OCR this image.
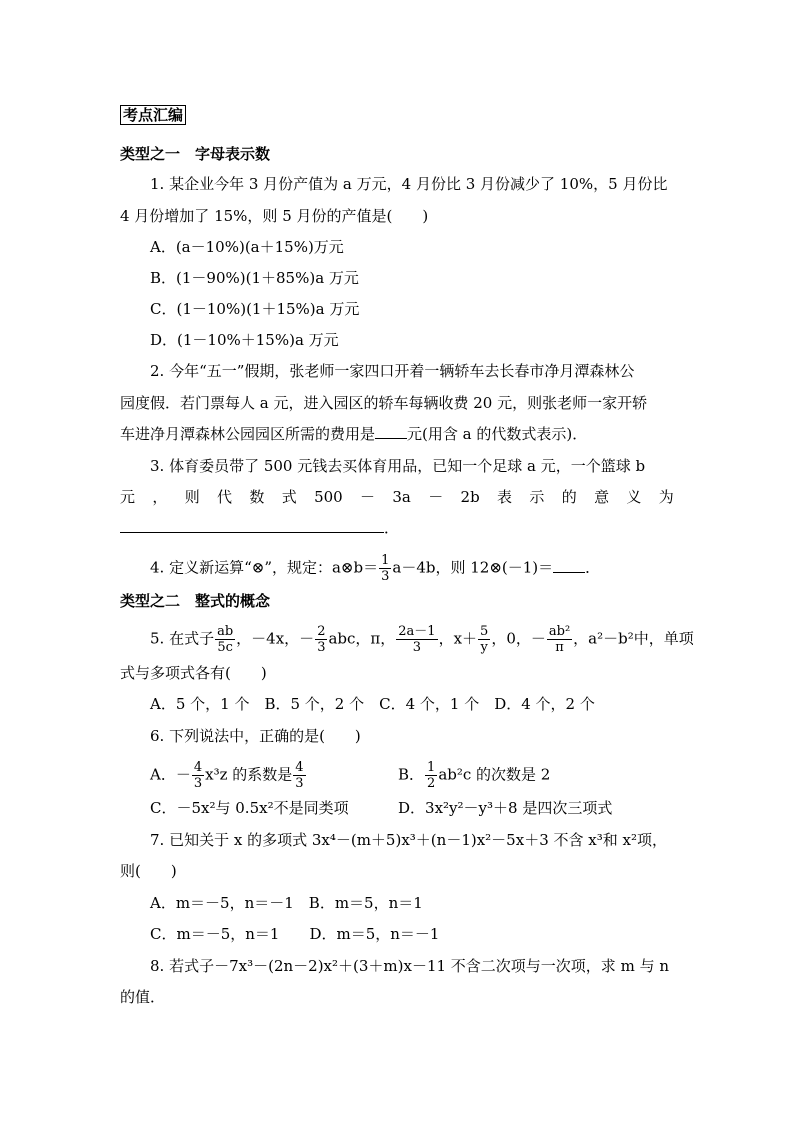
考点汇编
类型之一　字母表示数
1. 某企业今年 3 月份产值为 a 万元，4 月份比 3 月份减少了 10%，5 月份比
4 月份增加了 15%，则 5 月份的产值是(　　)
A．(a－10%)(a＋15%)万元
B．(1－90%)(1＋85%)a 万元
C．(1－10%)(1＋15%)a 万元
D．(1－10%＋15%)a 万元
2. 今年“五一”假期，张老师一家四口开着一辆轿车去长春市净月潭森林公
园度假．若门票每人 a 元，进入园区的轿车每辆收费 20 元，则张老师一家开轿
车进净月潭森林公园园区所需的费用是 元(用含 a 的代数式表示)．
3. 体育委员带了 500 元钱去买体育用品，已知一个足球 a 元，一个篮球 b
元 ， 则 代 数 式 500 － 3a － 2b 表 示 的 意 义 为
．
4. 定义新运算“⊗”，规定：a⊗b＝ $\frac{1}{3} a-4b$，则 12⊗(－1)＝ ．
类型之二　整式的概念
5. 在式子 $\frac{ab}{5c}$ ，－4x，－ $\frac{2}{3}$ abc，π， $\frac{2a-1}{3}$ ，$x+ \frac{5}{y}$ ，0，－ $\frac{\text{ab²}}{\pi}$ ，a²－b²中，单项
式与多项式各有(　　)
A．5 个，1 个　B．5 个，2 个　C．4 个，1 个　D．4 个，2 个
6. 下列说法中，正确的是(　　)
A．－ $\frac{4}{3} x^3z$ 的系数是 $\frac{4}{3}$	B． $\frac{1}{2} ab^2c$ 的次数是 2
C．－5x²与 0.5x²不是同类项	D．3x²y²－y³＋8 是四次三项式
7. 已知关于 x 的多项式 3x⁴－(m＋5)x³＋(n－1)x²－5x＋3 不含 x³和 x²项，
则(　　)
A．m＝－5，n＝－1　B．m＝5，n＝1
C．m＝－5，n＝1　　D．m＝5，n＝－1
8. 若式子－7x³－(2n－2)x²＋(3＋m)x－11 不含二次项与一次项，求 m 与 n
的值．
